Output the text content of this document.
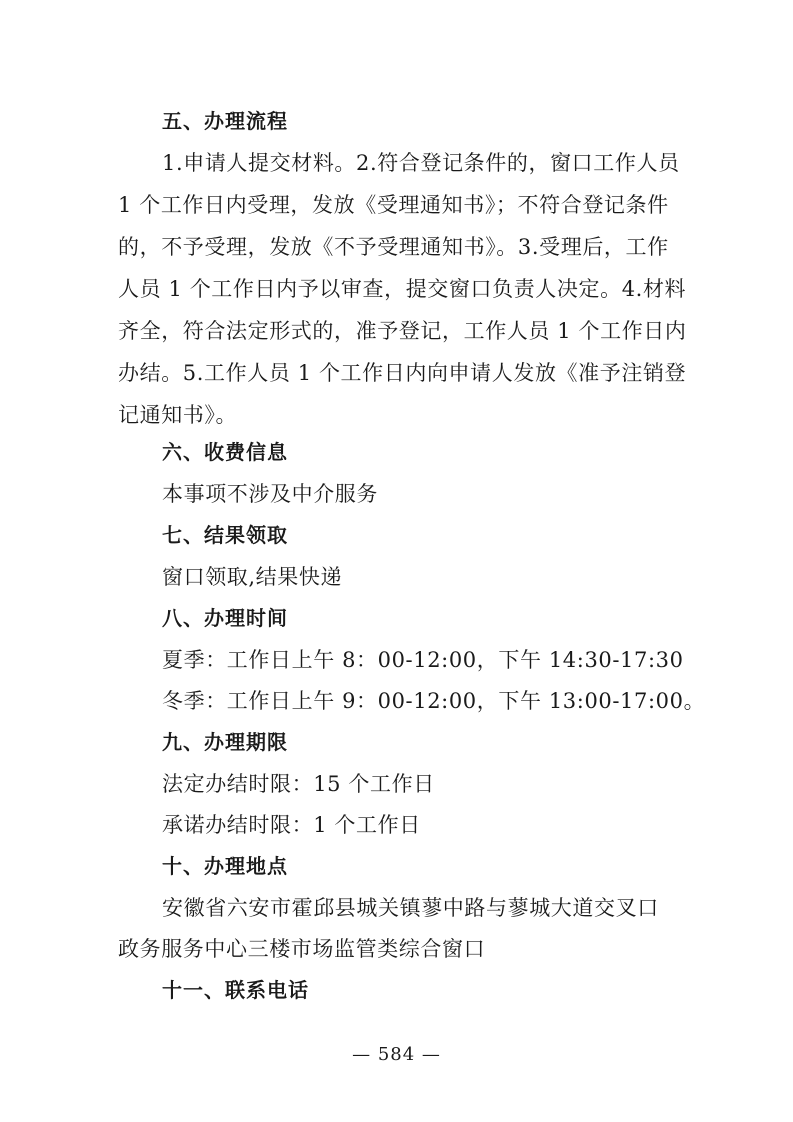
五、办理流程
1.申请人提交材料。2.符合登记条件的，窗口工作人员
1 个工作日内受理，发放《受理通知书》；不符合登记条件
的，不予受理，发放《不予受理通知书》。3.受理后，工作
人员 1 个工作日内予以审查，提交窗口负责人决定。4.材料
齐全，符合法定形式的，准予登记，工作人员 1 个工作日内
办结。5.工作人员 1 个工作日内向申请人发放《准予注销登
记通知书》。
六、收费信息
本事项不涉及中介服务
七、结果领取
窗口领取,结果快递
八、办理时间
夏季：工作日上午 8：00-12:00，下午 14:30-17:30
冬季：工作日上午 9：00-12:00，下午 13:00-17:00。
九、办理期限
法定办结时限：15 个工作日
承诺办结时限：1 个工作日
十、办理地点
安徽省六安市霍邱县城关镇蓼中路与蓼城大道交叉口
政务服务中心三楼市场监管类综合窗口
十一、联系电话
— 584 —
